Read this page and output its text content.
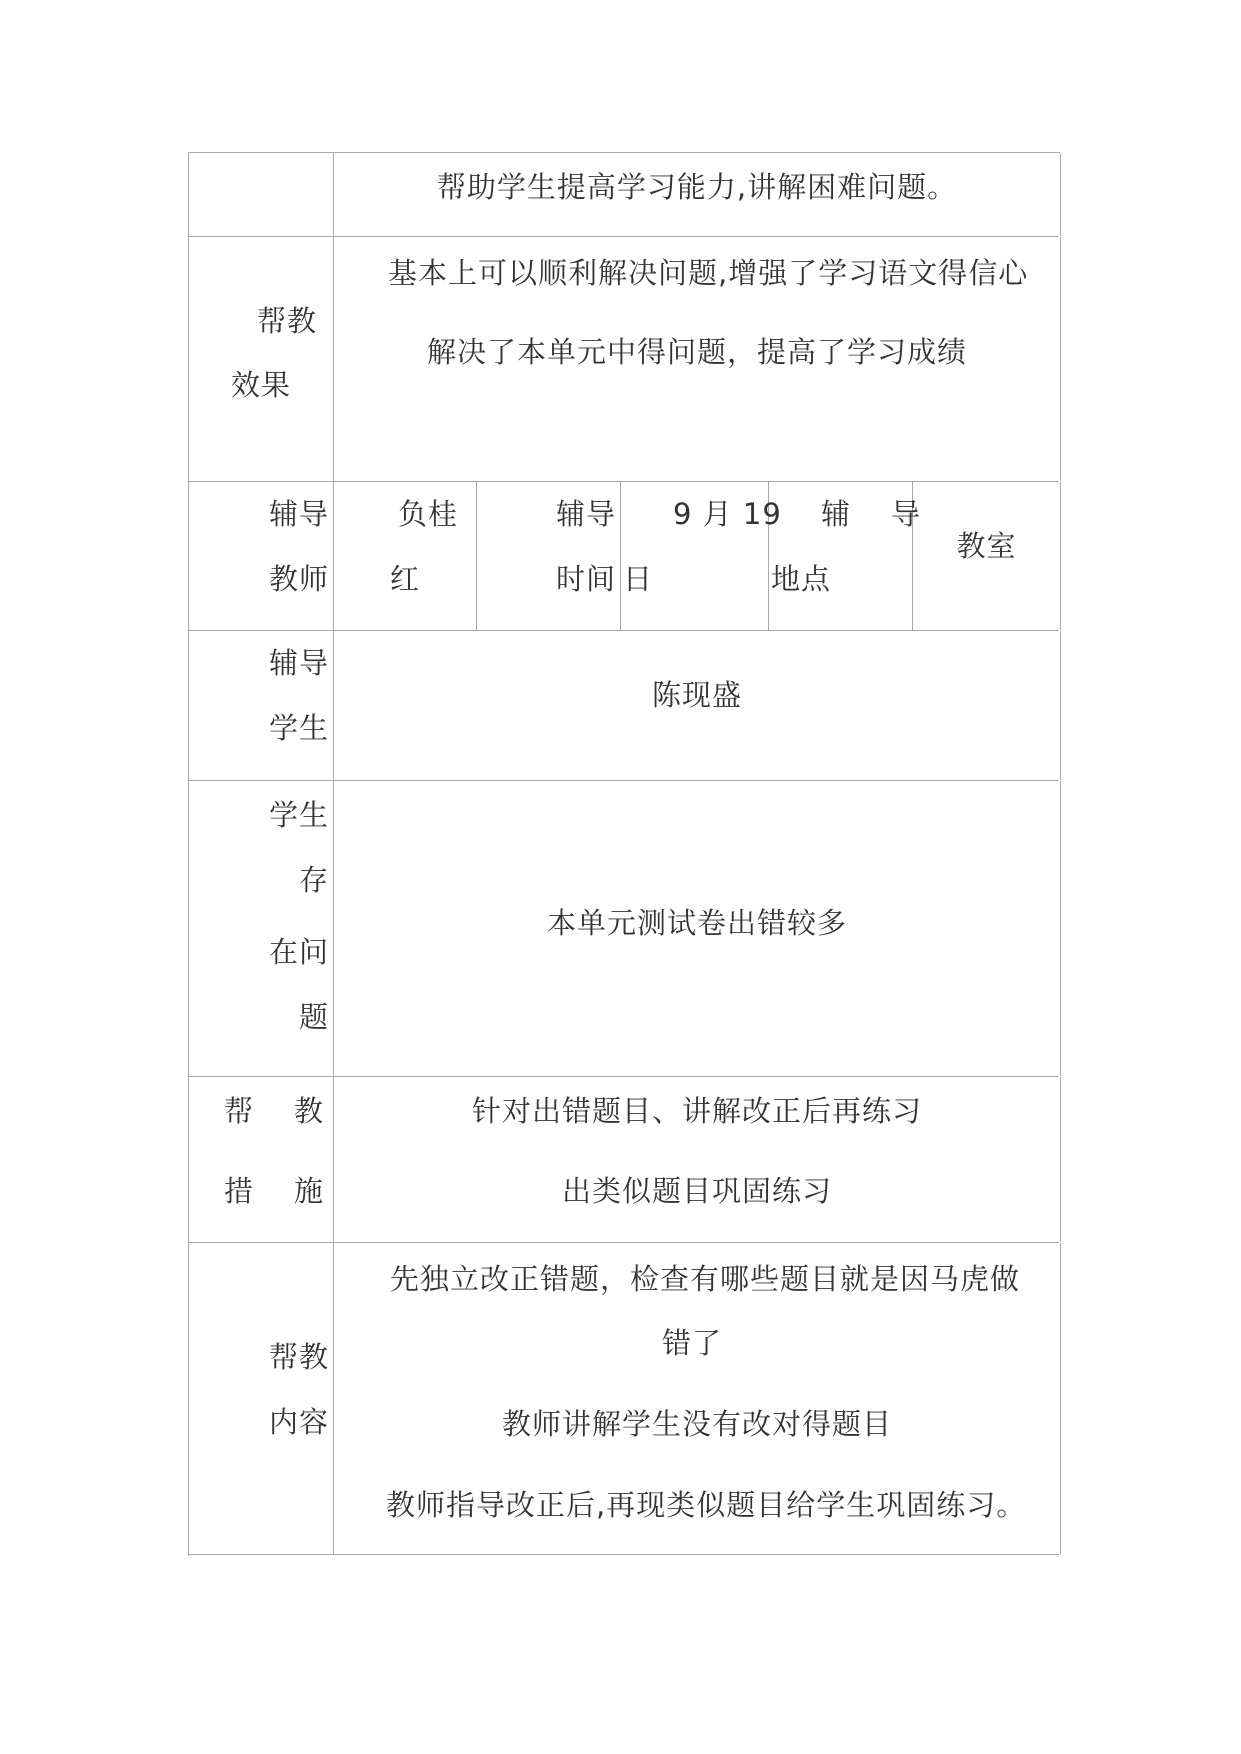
帮助学生提高学习能力,讲解困难问题。
帮教
效果
基本上可以顺利解决问题,增强了学习语文得信心
解决了本单元中得问题，提高了学习成绩
辅导
教师
负桂
红
辅导
时间
9 月 19
日
辅　导
地点
教室
辅导
学生
陈现盛
学生
存
在问
题
本单元测试卷出错较多
帮　教
措　施
针对出错题目、讲解改正后再练习
出类似题目巩固练习
帮教
内容
先独立改正错题，检查有哪些题目就是因马虎做
错了
教师讲解学生没有改对得题目
教师指导改正后,再现类似题目给学生巩固练习。
